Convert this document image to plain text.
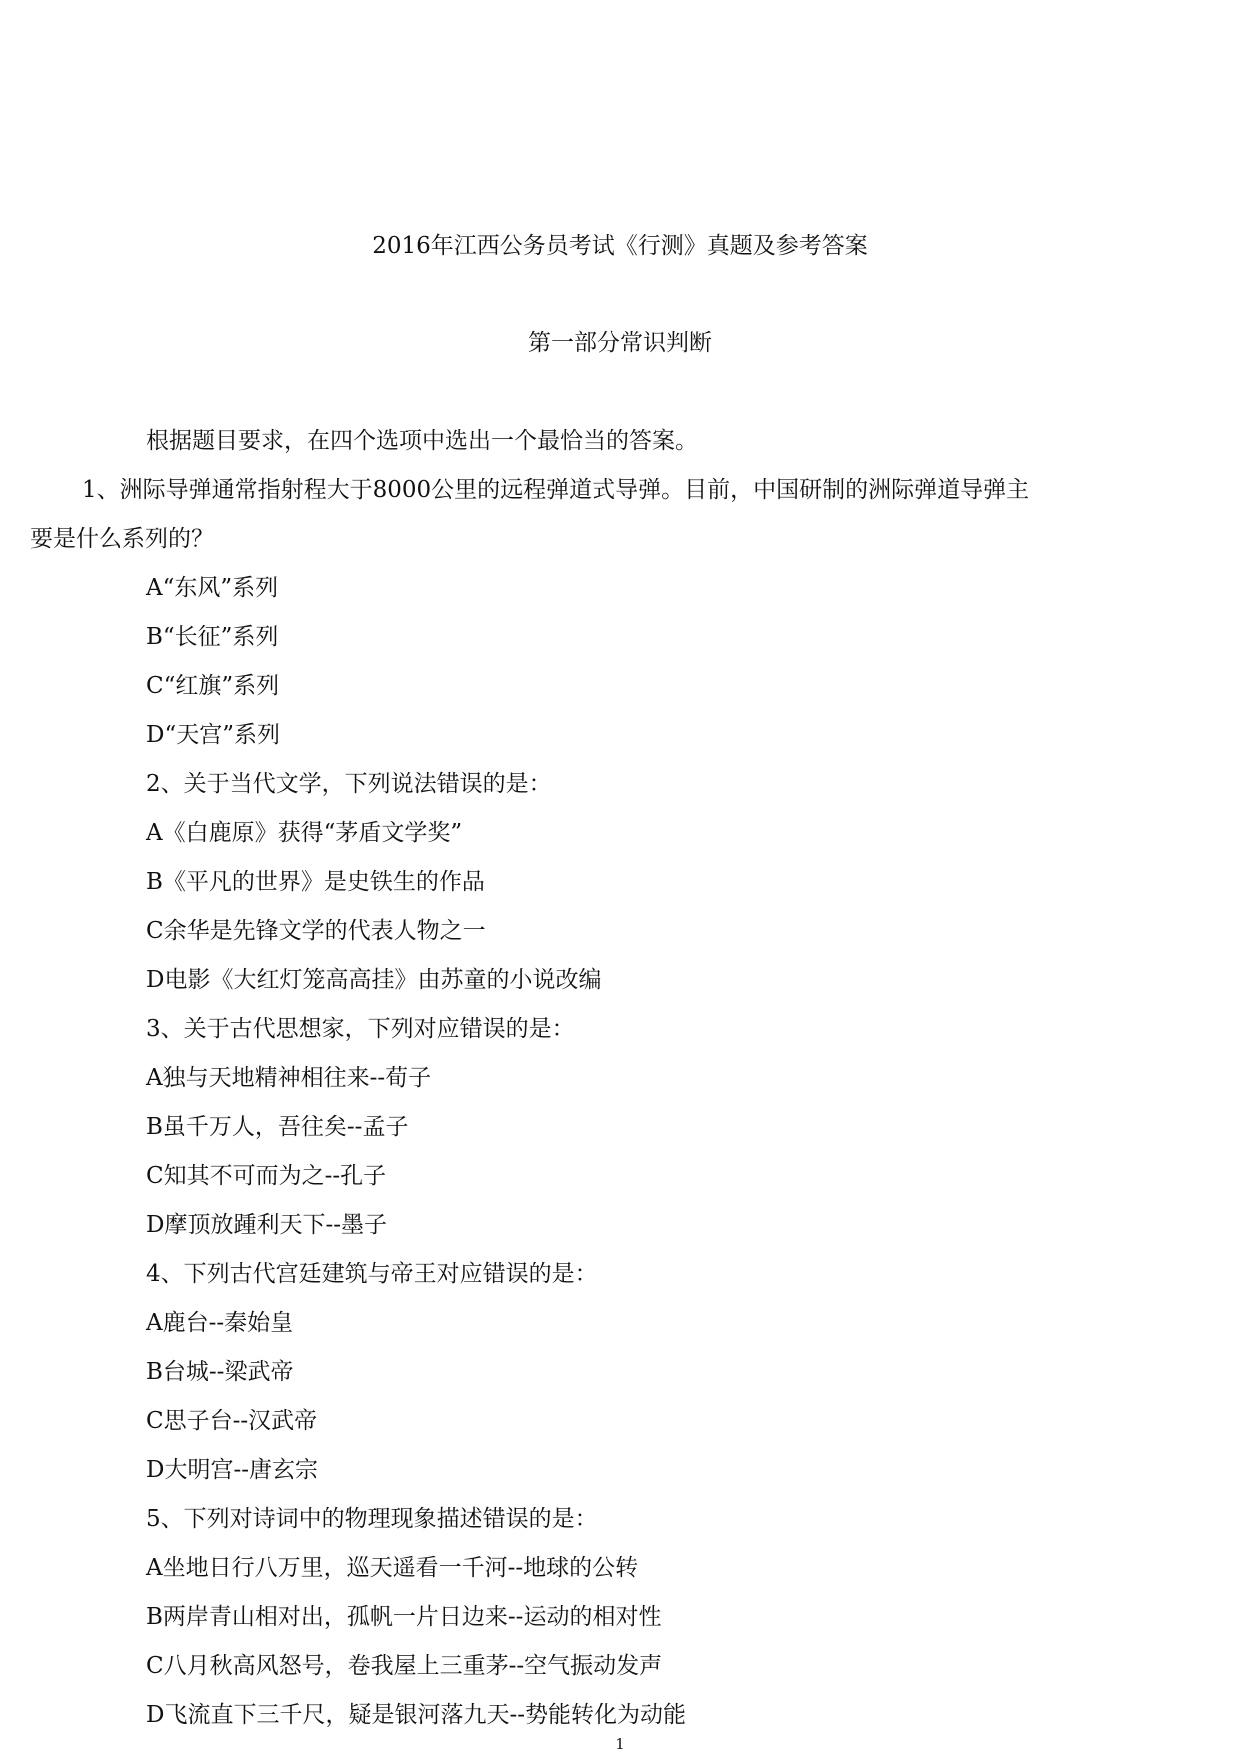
2016年江西公务员考试《行测》真题及参考答案
第一部分常识判断

根据题目要求，在四个选项中选出一个最恰当的答案。

1、洲际导弹通常指射程大于8000公里的远程弹道式导弹。目前，中国研制的洲际弹道导弹主

要是什么系列的？

A“东风”系列

B“长征”系列

C“红旗”系列

D“天宫”系列

2、关于当代文学，下列说法错误的是：

A《白鹿原》获得“茅盾文学奖”

B《平凡的世界》是史铁生的作品

C余华是先锋文学的代表人物之一

D电影《大红灯笼高高挂》由苏童的小说改编

3、关于古代思想家，下列对应错误的是：

A独与天地精神相往来--荀子

B虽千万人，吾往矣--孟子

C知其不可而为之--孔子

D摩顶放踵利天下--墨子

4、下列古代宫廷建筑与帝王对应错误的是：

A鹿台--秦始皇

B台城--梁武帝

C思子台--汉武帝

D大明宫--唐玄宗

5、下列对诗词中的物理现象描述错误的是：

A坐地日行八万里，巡天遥看一千河--地球的公转

B两岸青山相对出，孤帆一片日边来--运动的相对性

C八月秋高风怒号，卷我屋上三重茅--空气振动发声

D飞流直下三千尺，疑是银河落九天--势能转化为动能

1
